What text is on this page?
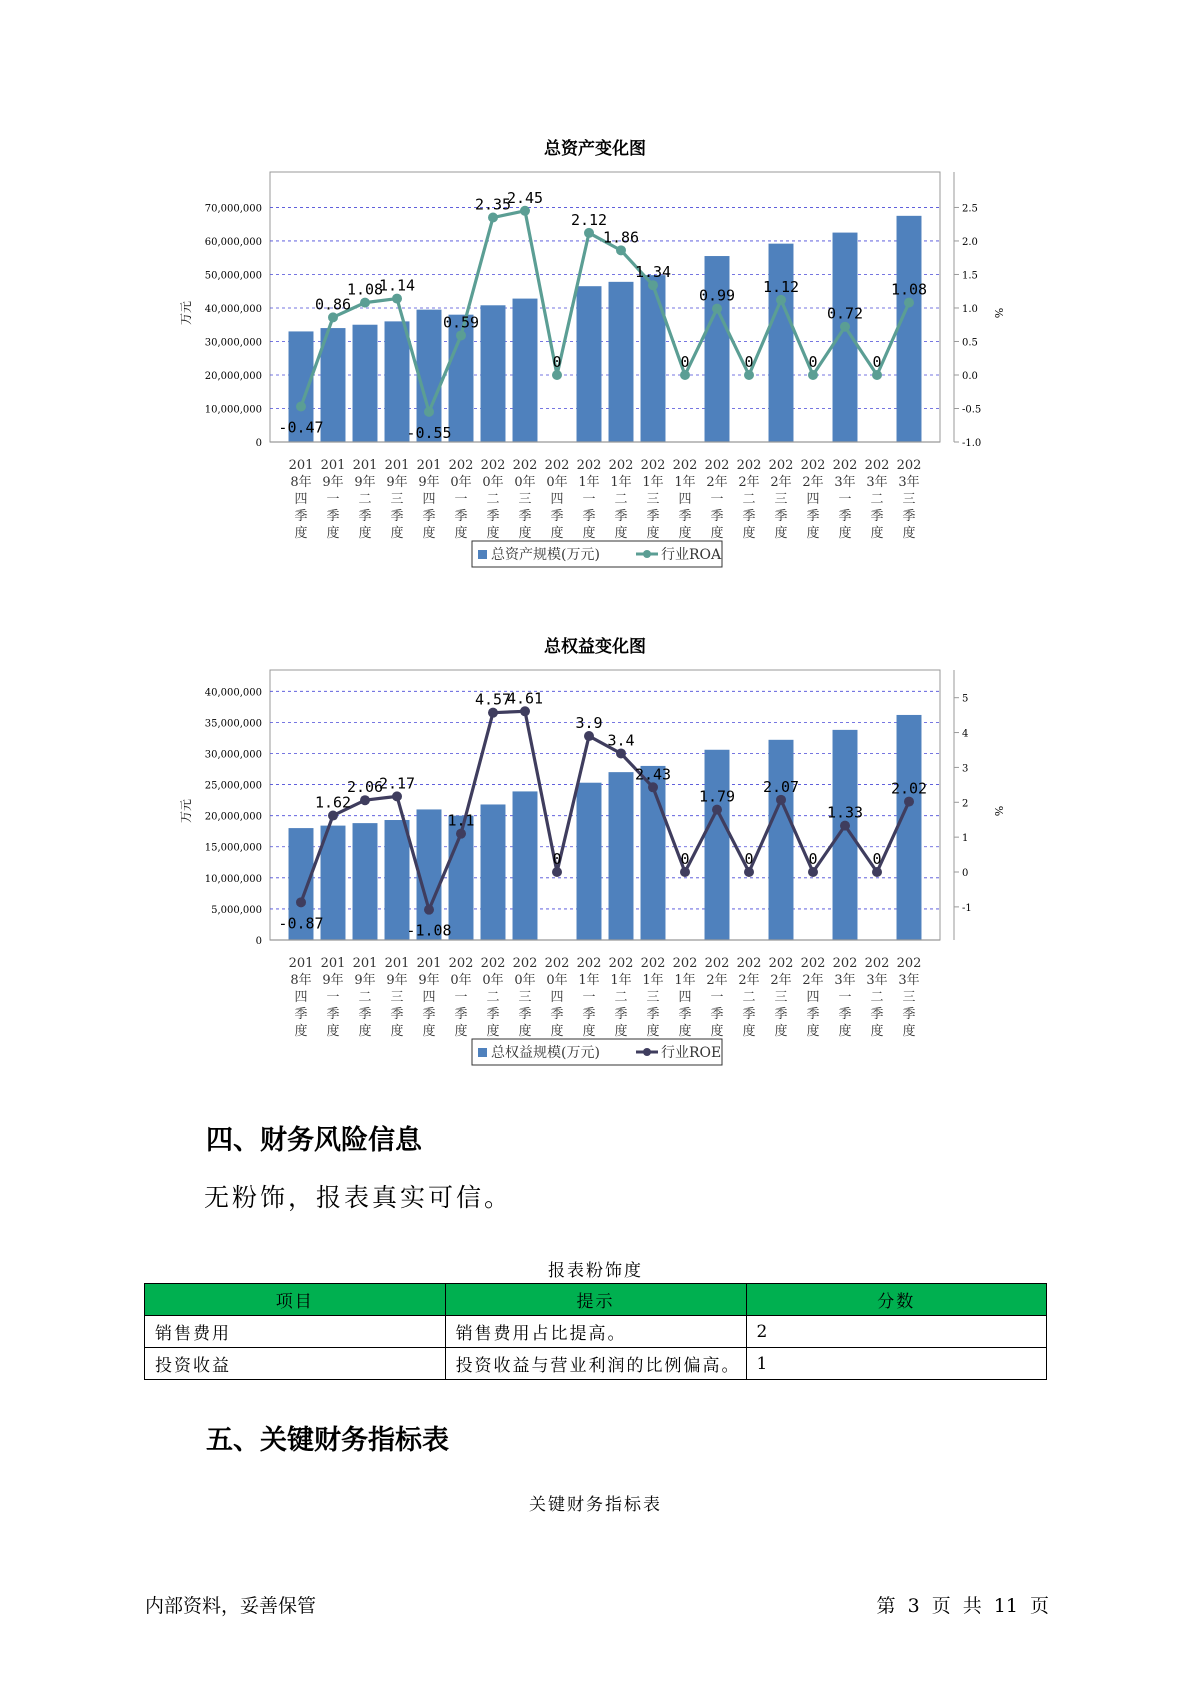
总资产变化图
0
10,000,000
20,000,000
30,000,000
40,000,000
50,000,000
60,000,000
70,000,000
-1.0
-0.5
0.0
0.5
1.0
1.5
2.0
2.5
万元	%
-0.47
0.86
1.08
1.14
-0.55
0.59
2.35
2.45
0
2.12
1.86
1.34
0
0.99
0
1.12
0
0.72
0
1.08
201 8年四季度
201 9年一季度
201 9年二季度
201 9年三季度
201 9年四季度
202 0年一季度
202 0年二季度
202 0年三季度
202 0年四季度
202 1年一季度
202 1年二季度
202 1年三季度
202 1年四季度
202 2年一季度
202 2年二季度
202 2年三季度
202 2年四季度
202 3年一季度
202 3年二季度
202 3年三季度
总资产规模(万元)	行业ROA
总权益变化图
0
5,000,000
10,000,000
15,000,000
20,000,000
25,000,000
30,000,000
35,000,000
40,000,000
-1
0
1
2
3
4
5
万元	%
-0.87
1.62
2.06
2.17
-1.08
1.1
4.57
4.61
0
3.9
3.4
2.43
0
1.79
0
2.07
0
1.33
0
2.02
201 8年四季度
201 9年一季度
201 9年二季度
201 9年三季度
201 9年四季度
202 0年一季度
202 0年二季度
202 0年三季度
202 0年四季度
202 1年一季度
202 1年二季度
202 1年三季度
202 1年四季度
202 2年一季度
202 2年二季度
202 2年三季度
202 2年四季度
202 3年一季度
202 3年二季度
202 3年三季度
总权益规模(万元)	行业ROE
四、财务风险信息
无粉饰，报表真实可信。
报表粉饰度
项目	提示	分数
销售费用	销售费用占比提高。	2
投资收益	投资收益与营业利润的比例偏高。	1
五、关键财务指标表
关键财务指标表
内部资料，妥善保管	第 3 页 共 11 页
